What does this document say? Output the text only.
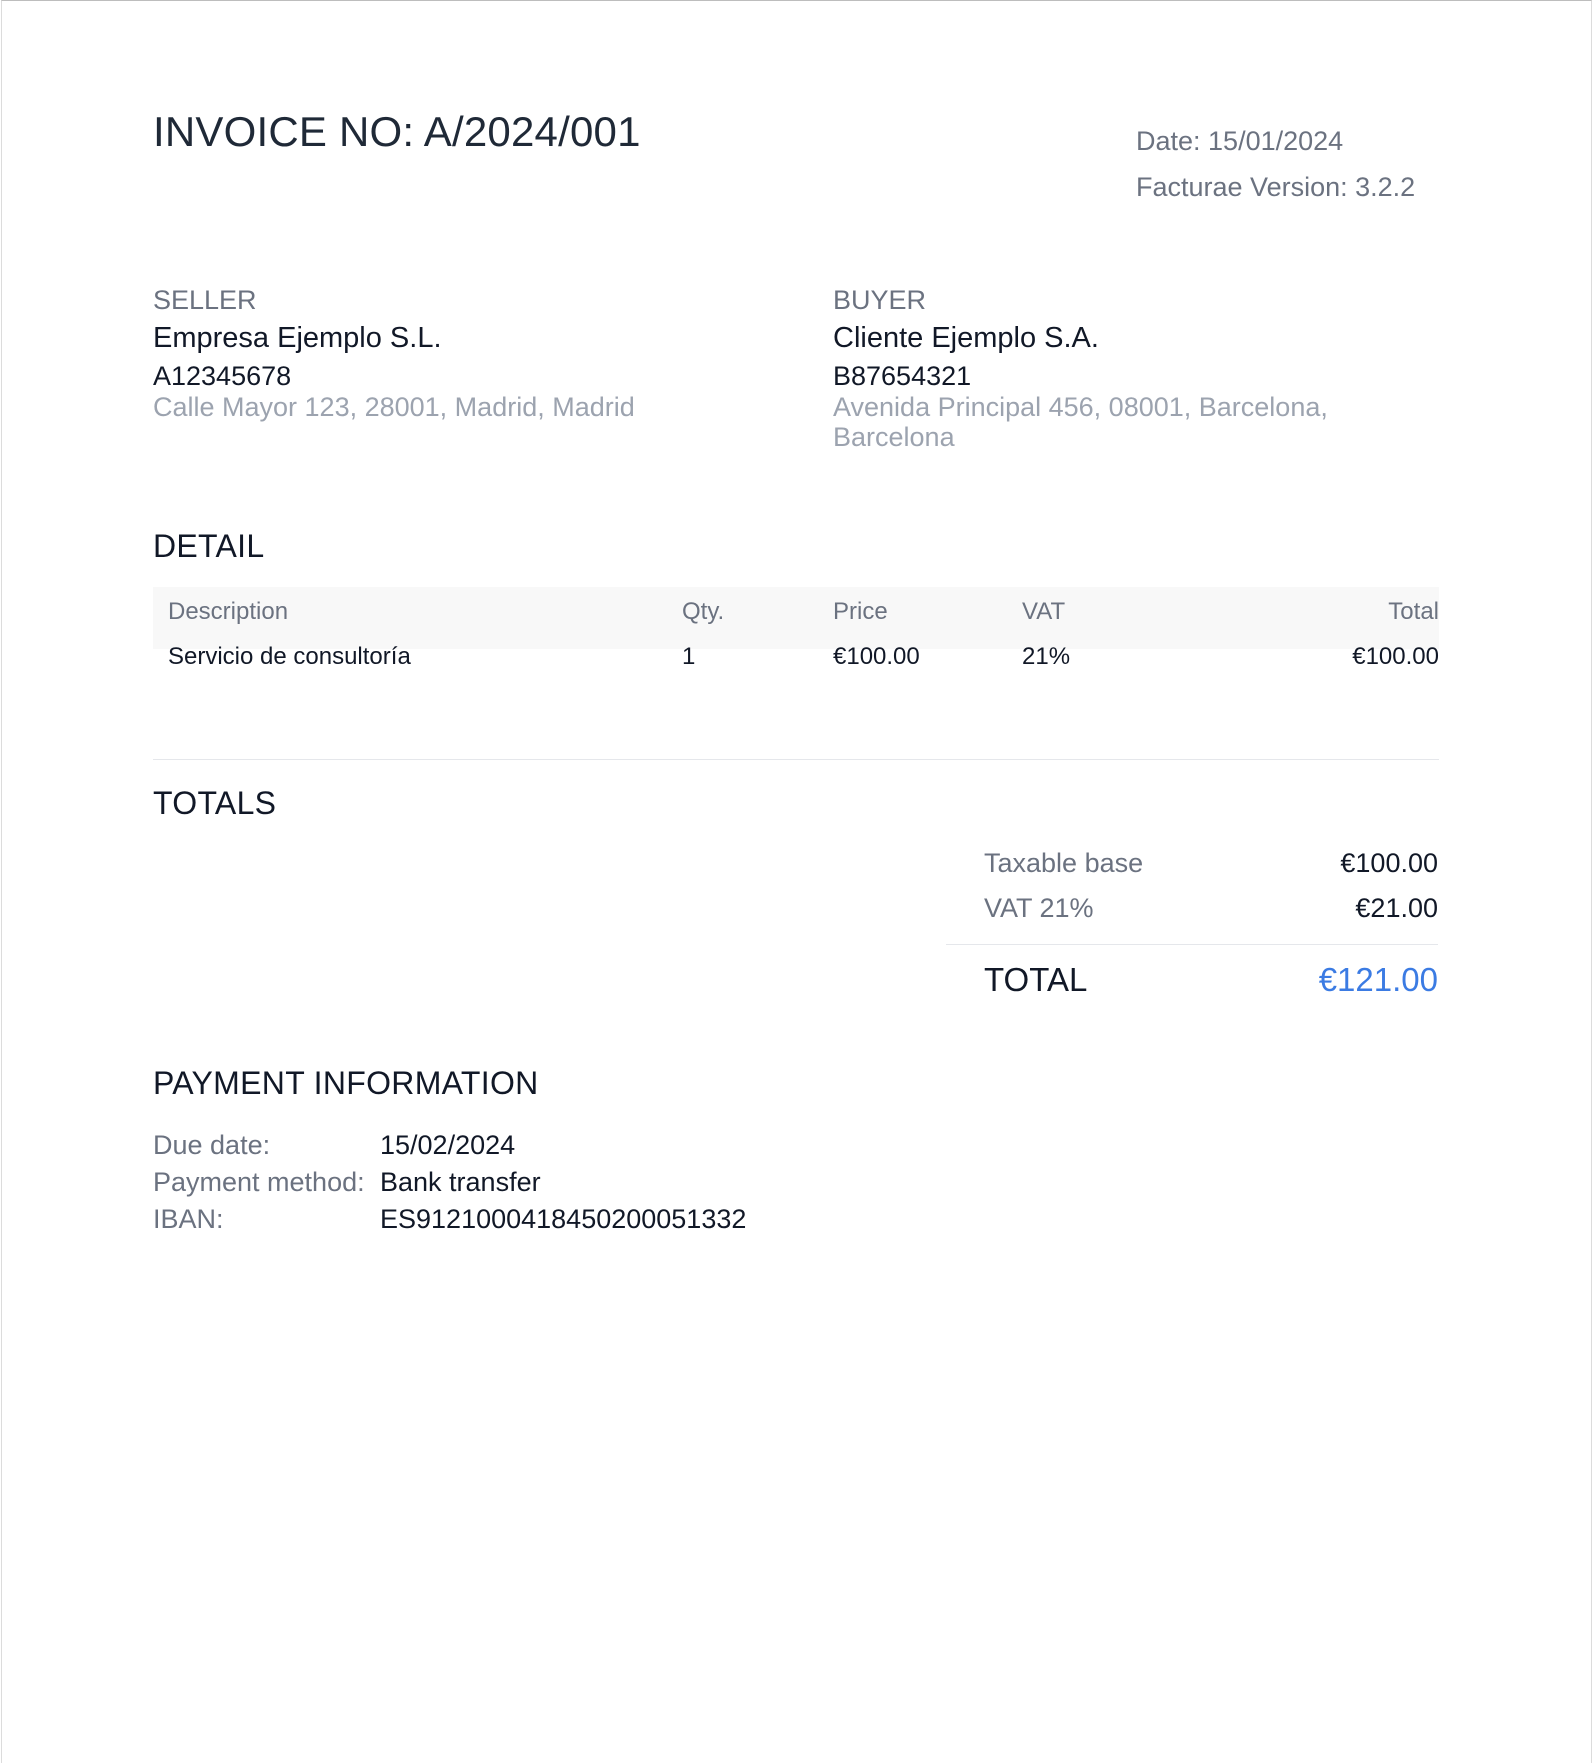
INVOICE NO: A/2024/001	Date: 15/01/2024
Facturae Version: 3.2.2
SELLER
Empresa Ejemplo S.L.
A12345678
Calle Mayor 123, 28001, Madrid, Madrid
BUYER
Cliente Ejemplo S.A.
B87654321
Avenida Principal 456, 08001, Barcelona, Barcelona
DETAIL
Description	Qty.	Price	VAT	Total
Servicio de consultoría	1	€100.00	21%	€100.00
TOTALS
Taxable base	€100.00
VAT 21%	€21.00
TOTAL	€121.00
PAYMENT INFORMATION
Due date:	15/02/2024
Payment method: Bank transfer
IBAN:	ES9121000418450200051332
